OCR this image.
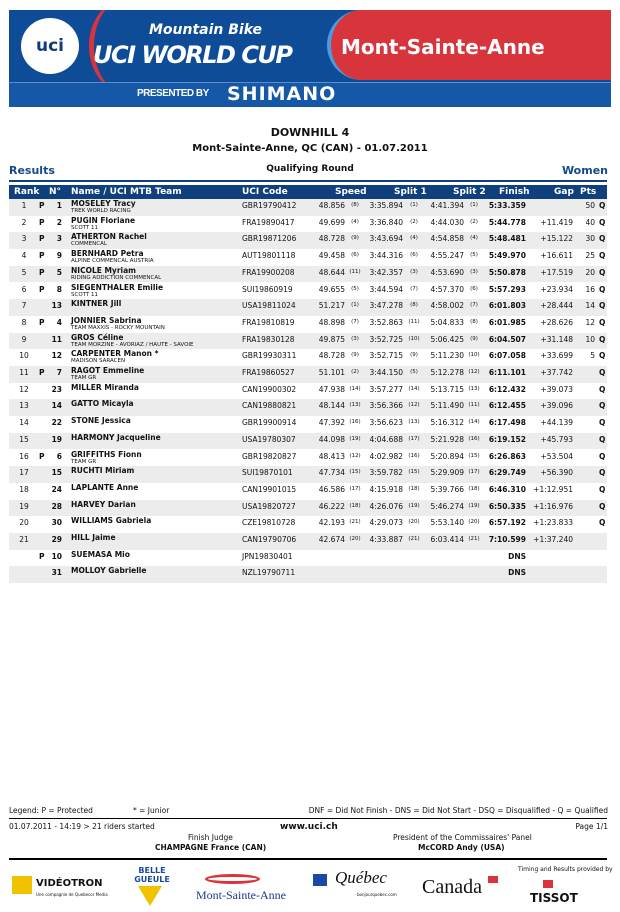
uci
Mountain Bike
UCI WORLD CUP Mont-Sainte-Anne
PRESENTED BY SHIMANO
DOWNHILL 4
Mont-Sainte-Anne, QC (CAN) - 01.07.2011
Results	Qualifying Round	Women
Rank N° Name / UCI MTB Team	UCI Code	Speed	Split 1	Split 2 Finish	Gap Pts
1	P	1 MOSELEY Tracy
TREK WORLD RACING
GBR19790412	48.856	(8)	3:35.894	(1)	4:41.394	(1)	5:33.359	50 Q
2	P	2 PUGIN Floriane
SCOTT 11
FRA19890417	49.699	(4)	3:36.840	(2)	4:44.030	(2)	5:44.778	+11.419	40 Q
3	P	3 ATHERTON Rachel
COMMENCAL
GBR19871206	48.728	(9)	3:43.694	(4)	4:54.858	(4)	5:48.481	+15.122	30 Q
4	P	9 BERNHARD Petra
ALPINE COMMENCAL AUSTRIA
AUT19801118	49.458	(6)	3:44.316	(6)	4:55.247	(5)	5:49.970	+16.611	25 Q
5	P	5 NICOLE Myriam
RIDING ADDICTION COMMENCAL
FRA19900208	48.644 (11)	3:42.357	(3)	4:53.690	(3)	5:50.878	+17.519	20 Q
6	P	8 SIEGENTHALER Emilie
SCOTT 11
SUI19860919	49.655	(5)	3:44.594	(7)	4:57.370	(6)	5:57.293	+23.934	16 Q
7	13 KINTNER Jill	USA19811024	51.217	(1)	3:47.278	(8)	4:58.002	(7)	6:01.803	+28.444	14 Q
8	P	4 JONNIER Sabrina
TEAM MAXXIS - ROCKY MOUNTAIN
FRA19810819	48.898	(7)	3:52.863 (11)	5:04.833	(8)	6:01.985	+28.626	12 Q
9	11 GROS Céline
TEAM MORZINE - AVORIAZ / HAUTE - SAVOIE
FRA19830128	49.875	(3)	3:52.725 (10)	5:06.425	(9)	6:04.507	+31.148	10 Q
10	12 CARPENTER Manon *
MADISON SARACEN
GBR19930311	48.728	(9)	3:52.715	(9)	5:11.230 (10)	6:07.058	+33.699	5 Q
11	P	7 RAGOT Emmeline
TEAM GR
FRA19860527	51.101	(2)	3:44.150	(5)	5:12.278 (12)	6:11.101	+37.742	Q
12	23 MILLER Miranda	CAN19900302	47.938 (14)	3:57.277 (14)	5:13.715 (13)	6:12.432	+39.073	Q
13	14 GATTO Micayla	CAN19880821	48.144 (13)	3:56.366 (12)	5:11.490 (11)	6:12.455	+39.096	Q
14	22 STONE Jessica	GBR19900914	47.392 (16)	3:56.623 (13)	5:16.312 (14)	6:17.498	+44.139	Q
15	19 HARMONY Jacqueline	USA19780307	44.098 (19)	4:04.688 (17)	5:21.928 (16)	6:19.152	+45.793	Q
16	P	6 GRIFFITHS Fionn
TEAM GR
GBR19820827	48.413 (12)	4:02.982 (16)	5:20.894 (15)	6:26.863	+53.504	Q
17	15 RUCHTI Miriam	SUI19870101	47.734 (15)	3:59.782 (15)	5:29.909 (17)	6:29.749	+56.390	Q
18	24 LAPLANTE Anne	CAN19901015	46.586 (17)	4:15.918 (18)	5:39.766 (18)	6:46.310 +1:12.951	Q
19	28 HARVEY Darian	USA19820727	46.222 (18)	4:26.076 (19)	5:46.274 (19)	6:50.335 +1:16.976	Q
20	30 WILLIAMS Gabriela	CZE19810728	42.193 (21)	4:29.073 (20)	5:53.140 (20)	6:57.192 +1:23.833	Q
21	29 HILL Jaime	CAN19790706	42.674 (20)	4:33.887 (21)	6:03.414 (21)	7:10.599 +1:37.240
P 10 SUEMASA Mio	JPN19830401	DNS
31 MOLLOY Gabrielle	NZL19790711	DNS
Legend: P = Protected	* = Junior	DNF = Did Not Finish - DNS = Did Not Start - DSQ = Disqualified - Q = Qualified
01.07.2011 - 14:19 > 21 riders started	www.uci.ch	Page 1/1
Finish Judge
CHAMPAGNE France (CAN)
President of the Commissaires' Panel
McCORD Andy (USA)
VIDÉOTRON
Une compagnie de Quebecor Media
BELLE GUEULE
Mont-Sainte-Anne
Québec
bonjourquebec.com Canada
Timing and Results provided by
TISSOT
